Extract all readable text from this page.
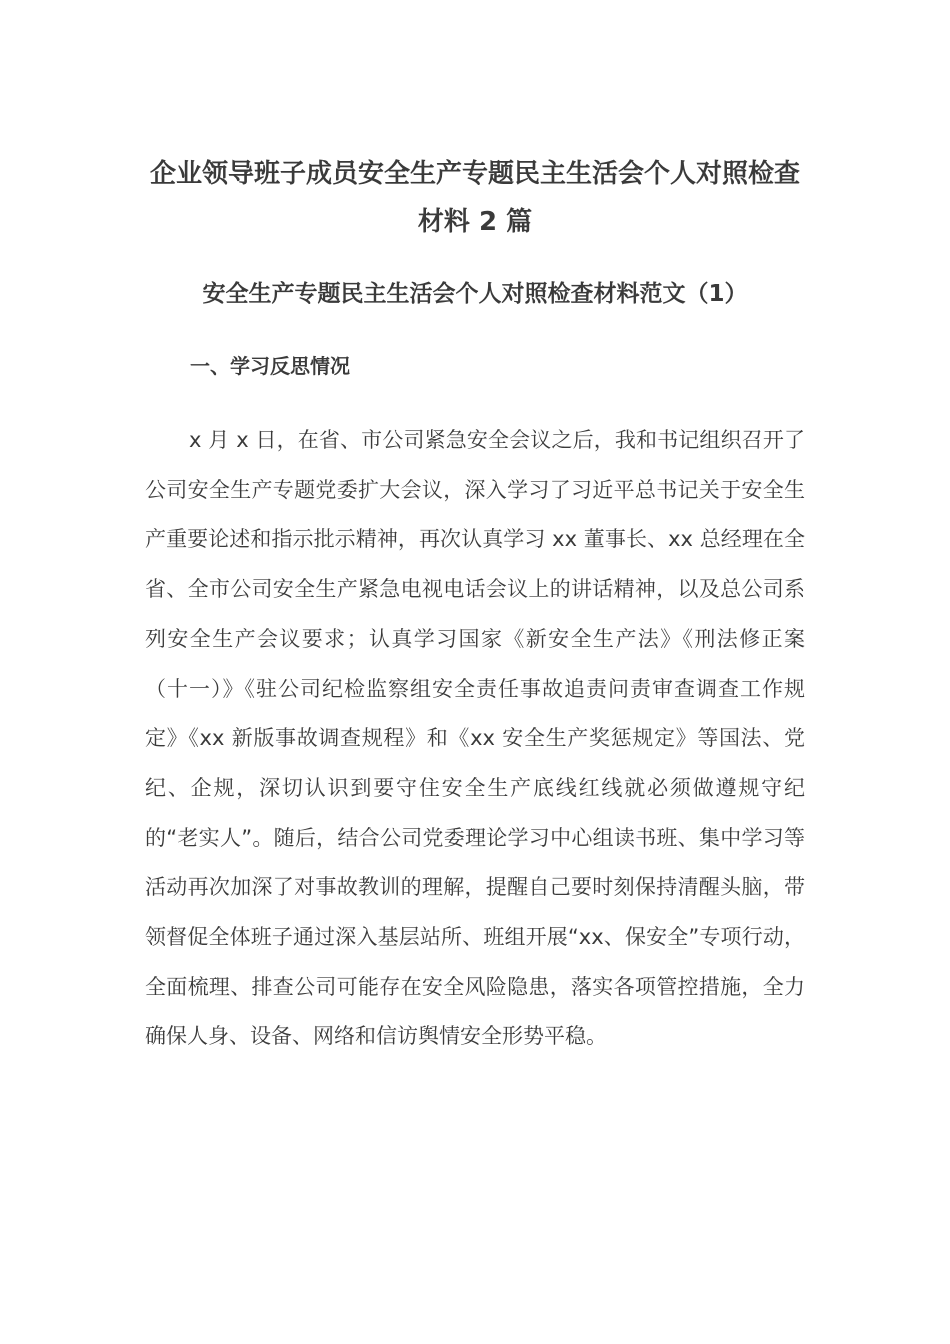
企业领导班子成员安全生产专题民主生活会个人对照检查材料 2 篇
安全生产专题民主生活会个人对照检查材料范文（1）
一、学习反思情况

x 月 x 日，在省、市公司紧急安全会议之后，我和书记组织召开了公司安全生产专题党委扩大会议，深入学习了习近平总书记关于安全生产重要论述和指示批示精神，再次认真学习 xx 董事长、xx 总经理在全省、全市公司安全生产紧急电视电话会议上的讲话精神，以及总公司系列安全生产会议要求；认真学习国家《新安全生产法》《刑法修正案（十一）》《驻公司纪检监察组安全责任事故追责问责审查调查工作规定》《xx 新版事故调查规程》和《xx 安全生产奖惩规定》等国法、党纪、企规，深切认识到要守住安全生产底线红线就必须做遵规守纪的“老实人”。随后，结合公司党委理论学习中心组读书班、集中学习等活动再次加深了对事故教训的理解，提醒自己要时刻保持清醒头脑，带领督促全体班子通过深入基层站所、班组开展“xx、保安全”专项行动，全面梳理、排查公司可能存在安全风险隐患，落实各项管控措施，全力确保人身、设备、网络和信访舆情安全形势平稳。
